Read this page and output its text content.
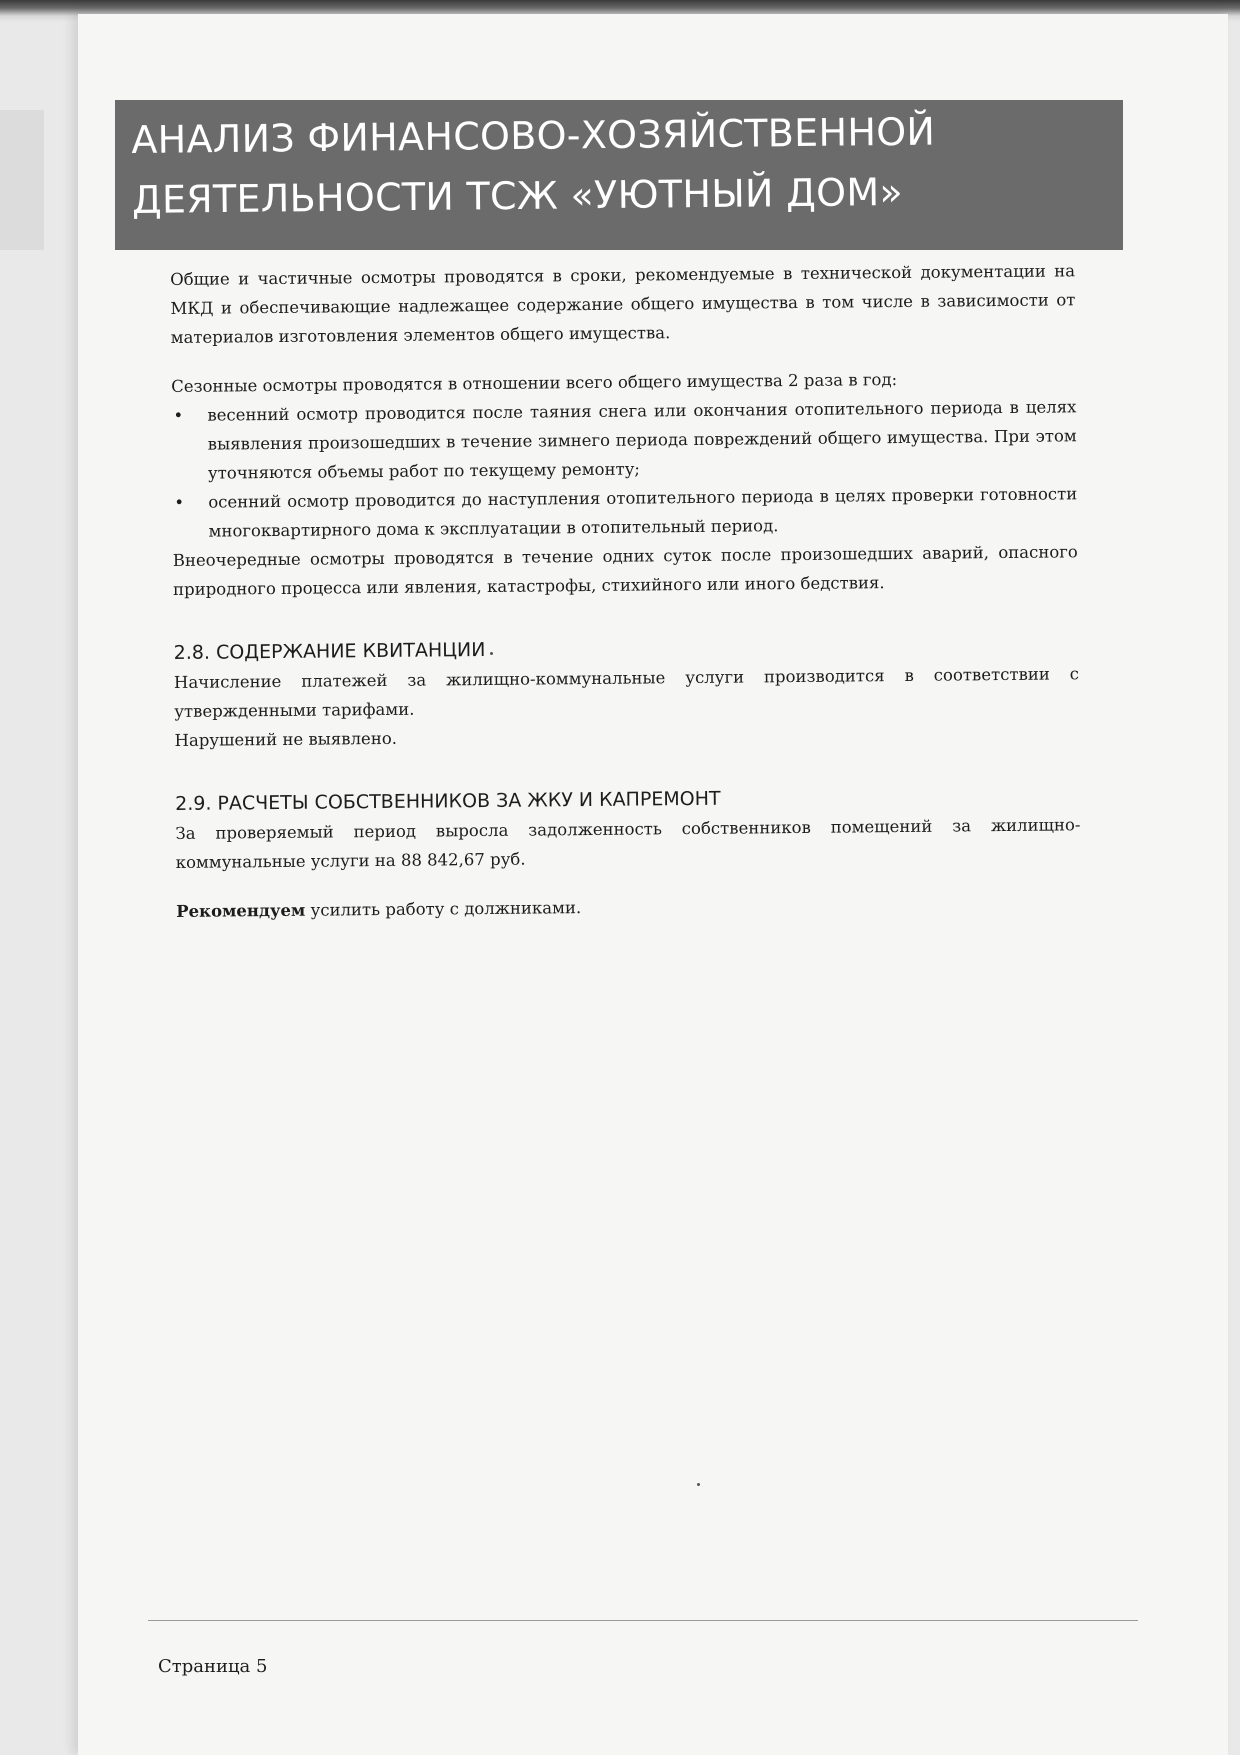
АНАЛИЗ ФИНАНСОВО-ХОЗЯЙСТВЕННОЙ ДЕЯТЕЛЬНОСТИ ТСЖ «УЮТНЫЙ ДОМ»

Общие и частичные осмотры проводятся в сроки, рекомендуемые в технической документации на МКД и обеспечивающие надлежащее содержание общего имущества в том числе в зависимости от материалов изготовления элементов общего имущества.

Сезонные осмотры проводятся в отношении всего общего имущества 2 раза в год:

• весенний осмотр проводится после таяния снега или окончания отопительного периода в целях выявления произошедших в течение зимнего периода повреждений общего имущества. При этом уточняются объемы работ по текущему ремонту;
• осенний осмотр проводится до наступления отопительного периода в целях проверки готовности многоквартирного дома к эксплуатации в отопительный период.

Внеочередные осмотры проводятся в течение одних суток после произошедших аварий, опасного природного процесса или явления, катастрофы, стихийного или иного бедствия.

2.8. СОДЕРЖАНИЕ КВИТАНЦИИ

Начисление платежей за жилищно-коммунальные услуги производится в соответствии с утвержденными тарифами.

Нарушений не выявлено.

2.9. РАСЧЕТЫ СОБСТВЕННИКОВ ЗА ЖКУ И КАПРЕМОНТ

За проверяемый период выросла задолженность собственников помещений за жилищно-коммунальные услуги на 88 842,67 руб.

Рекомендуем усилить работу с должниками.

Страница 5
